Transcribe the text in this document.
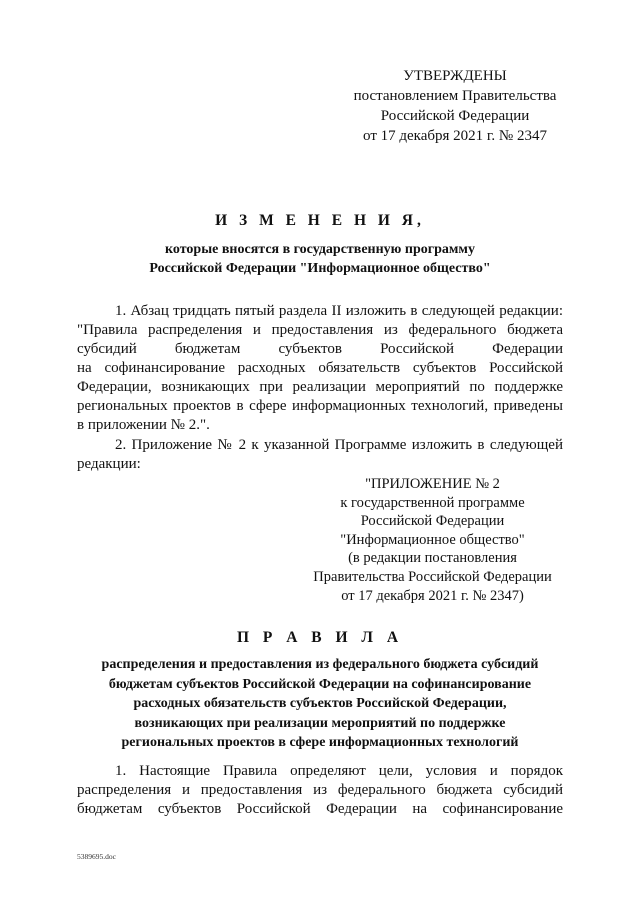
УТВЕРЖДЕНЫ
постановлением Правительства
Российской Федерации
от 17 декабря 2021 г. № 2347
И З М Е Н Е Н И Я,
которые вносятся в государственную программу
Российской Федерации "Информационное общество"
1. Абзац тридцать пятый раздела II изложить в следующей редакции:
"Правила распределения и предоставления из федерального бюджета
субсидий бюджетам субъектов Российской Федерации
на софинансирование расходных обязательств субъектов Российской
Федерации, возникающих при реализации мероприятий по поддержке
региональных проектов в сфере информационных технологий, приведены
в приложении № 2.".
2. Приложение № 2 к указанной Программе изложить в следующей
редакции:
"ПРИЛОЖЕНИЕ № 2
к государственной программе
Российской Федерации
"Информационное общество"
(в редакции постановления
Правительства Российской Федерации
от 17 декабря 2021 г. № 2347)
П Р А В И Л А
распределения и предоставления из федерального бюджета субсидий
бюджетам субъектов Российской Федерации на софинансирование
расходных обязательств субъектов Российской Федерации,
возникающих при реализации мероприятий по поддержке
региональных проектов в сфере информационных технологий
1. Настоящие Правила определяют цели, условия и порядок
распределения и предоставления из федерального бюджета субсидий
бюджетам субъектов Российской Федерации на софинансирование
5389695.doc
